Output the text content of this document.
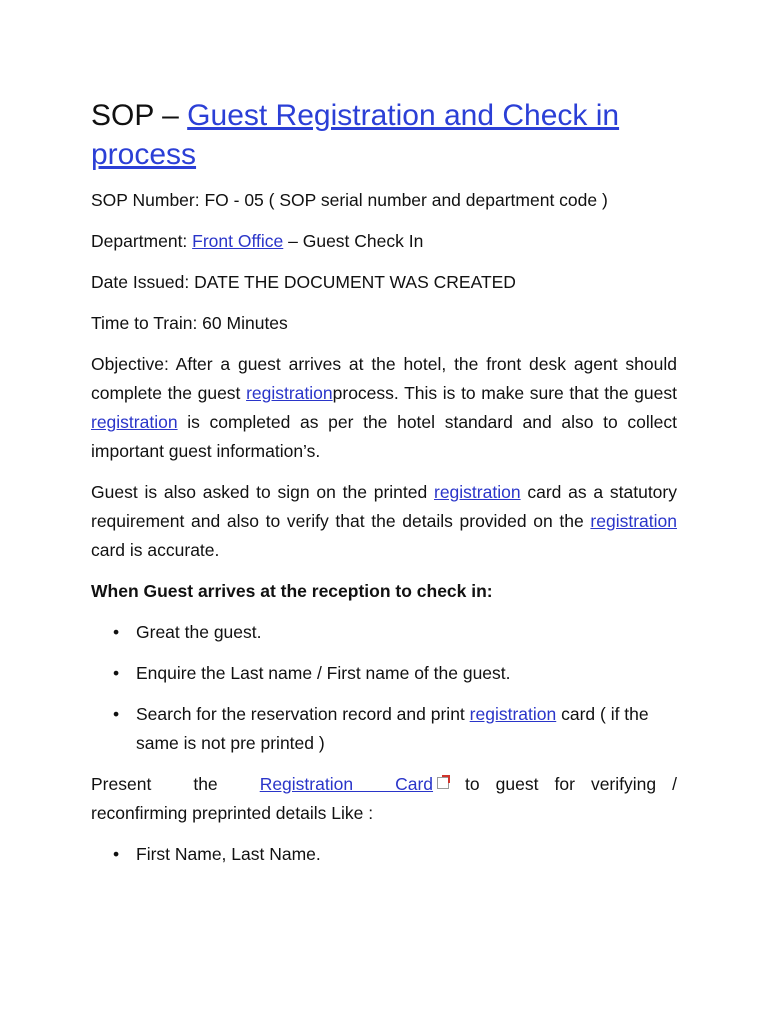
SOP – Guest Registration and Check in process

SOP Number: FO - 05 ( SOP serial number and department code )

Department: Front Office – Guest Check In

Date Issued: DATE THE DOCUMENT WAS CREATED

Time to Train: 60 Minutes

Objective: After a guest arrives at the hotel, the front desk agent should complete the guest registrationprocess. This is to make sure that the guest registration is completed as per the hotel standard and also to collect important guest information’s.

Guest is also asked to sign on the printed registration card as a statutory requirement and also to verify that the details provided on the registration card is accurate.

When Guest arrives at the reception to check in:

• Great the guest.
• Enquire the Last name / First name of the guest.
• Search for the reservation record and print registration card ( if the same is not pre printed )

Present the Registration Card to guest for verifying / reconfirming preprinted details Like :

• First Name, Last Name.
